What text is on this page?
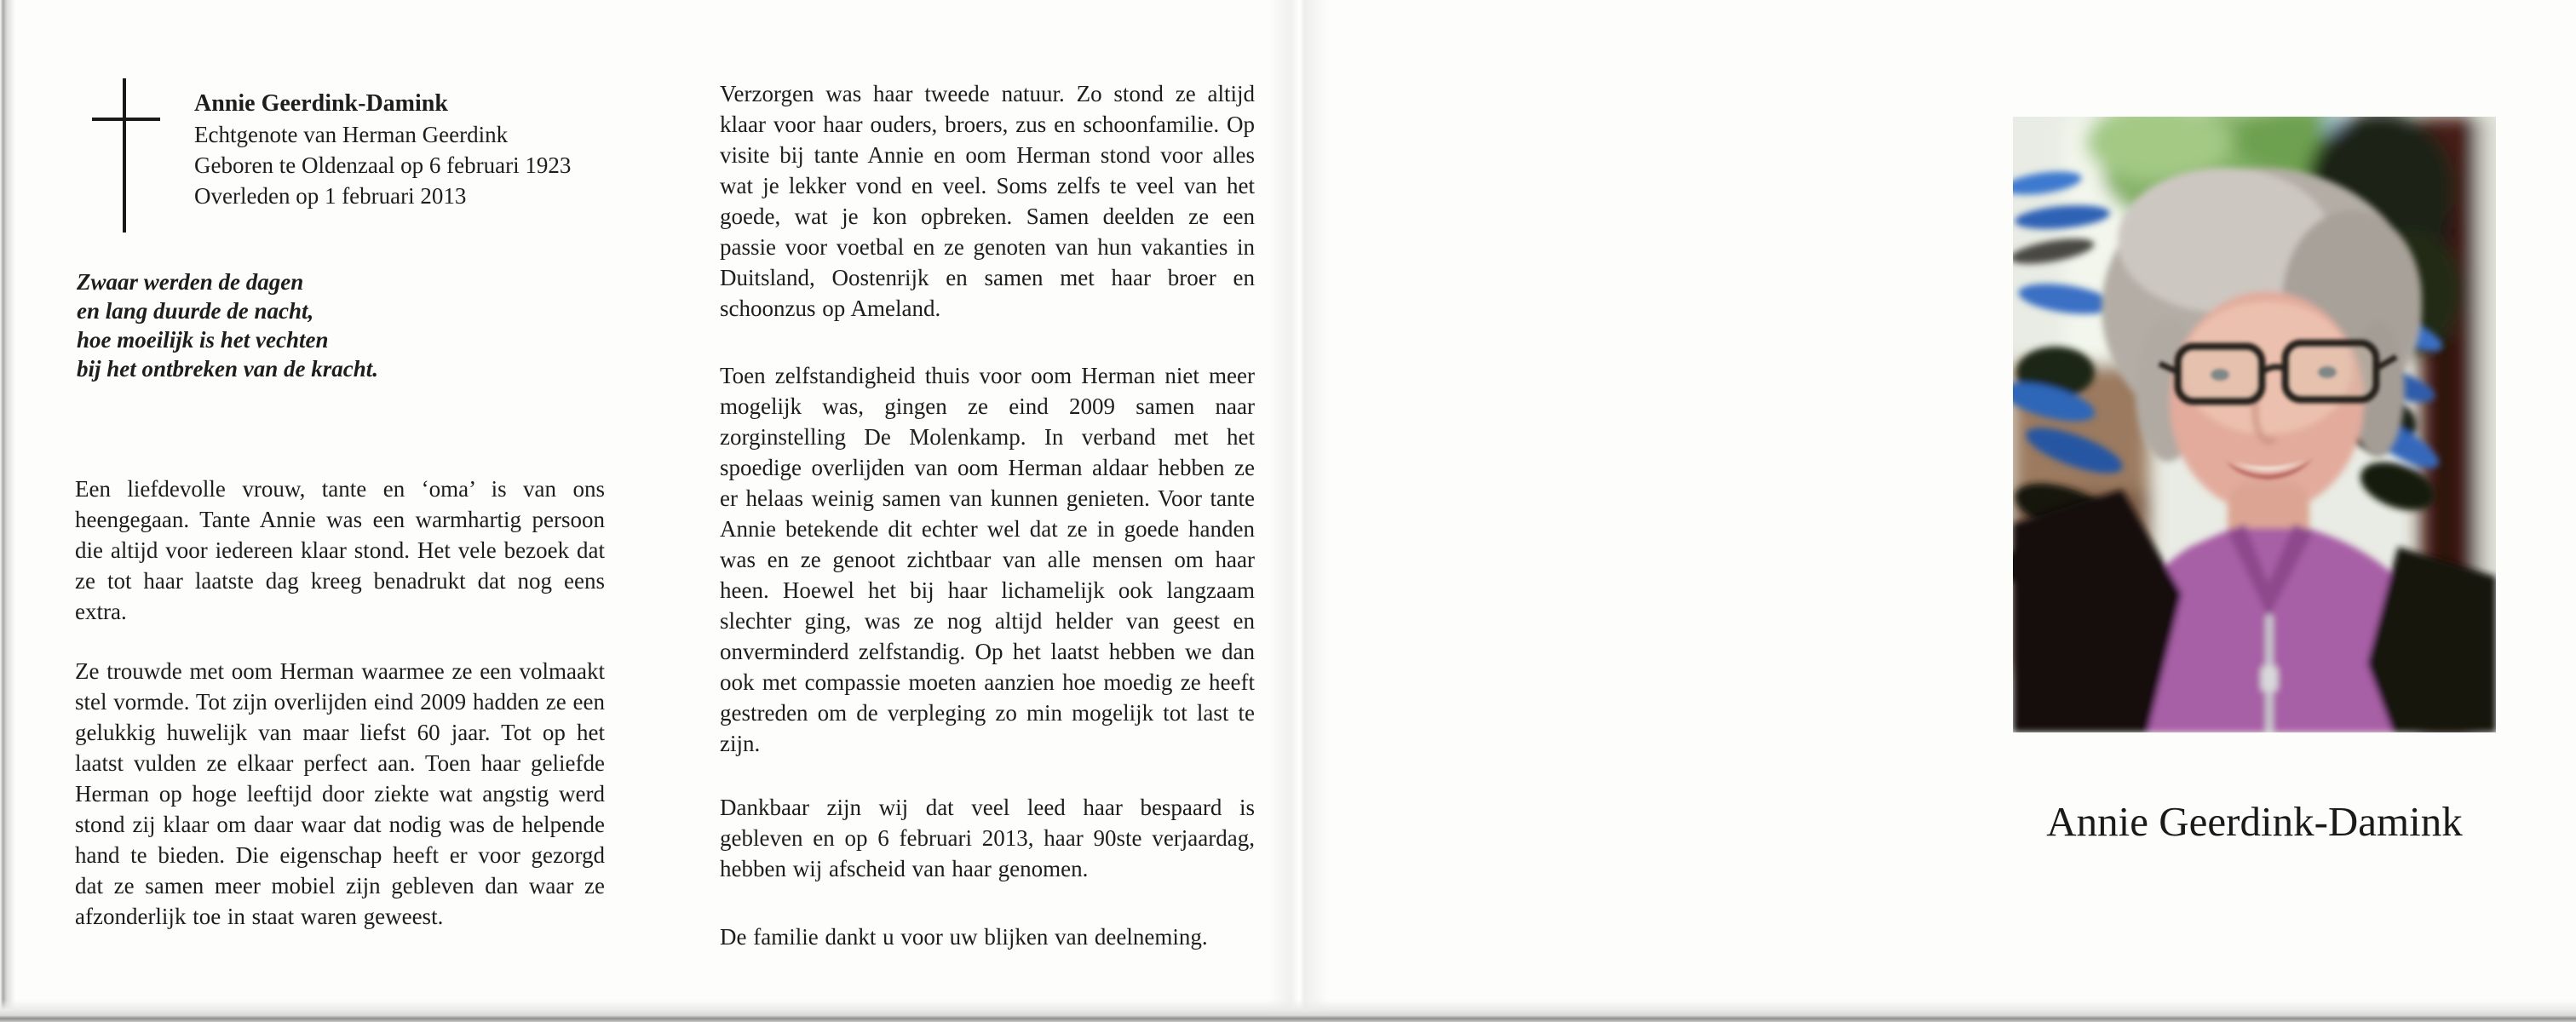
Annie Geerdink-Damink
Echtgenote van Herman Geerdink
Geboren te Oldenzaal op 6 februari 1923
Overleden op 1 februari 2013
Zwaar werden de dagen
en lang duurde de nacht,
hoe moeilijk is het vechten
bij het ontbreken van de kracht.
Een liefdevolle vrouw, tante en ‘oma’ is van ons heengegaan. Tante Annie was een warmhartig persoon die altijd voor iedereen klaar stond. Het vele bezoek dat ze tot haar laatste dag kreeg benadrukt dat nog eens extra.
Ze trouwde met oom Herman waarmee ze een volmaakt stel vormde. Tot zijn overlijden eind 2009 hadden ze een gelukkig huwelijk van maar liefst 60 jaar. Tot op het laatst vulden ze elkaar perfect aan. Toen haar geliefde Herman op hoge leeftijd door ziekte wat angstig werd stond zij klaar om daar waar dat nodig was de helpende hand te bieden. Die eigenschap heeft er voor gezorgd dat ze samen meer mobiel zijn gebleven dan waar ze afzonderlijk toe in staat waren geweest.
Verzorgen was haar tweede natuur. Zo stond ze altijd klaar voor haar ouders, broers, zus en schoonfamilie. Op visite bij tante Annie en oom Herman stond voor alles wat je lekker vond en veel. Soms zelfs te veel van het goede, wat je kon opbreken. Samen deelden ze een passie voor voetbal en ze genoten van hun vakanties in Duitsland, Oostenrijk en samen met haar broer en schoonzus op Ameland.
Toen zelfstandigheid thuis voor oom Herman niet meer mogelijk was, gingen ze eind 2009 samen naar zorginstelling De Molenkamp. In verband met het spoedige overlijden van oom Herman aldaar hebben ze er helaas weinig samen van kunnen genieten. Voor tante Annie betekende dit echter wel dat ze in goede handen was en ze genoot zichtbaar van alle mensen om haar heen. Hoewel het bij haar lichamelijk ook langzaam slechter ging, was ze nog altijd helder van geest en onverminderd zelfstandig. Op het laatst hebben we dan ook met compassie moeten aanzien hoe moedig ze heeft gestreden om de verpleging zo min mogelijk tot last te zijn.
Dankbaar zijn wij dat veel leed haar bespaard is gebleven en op 6 februari 2013, haar 90ste verjaardag, hebben wij afscheid van haar genomen.
De familie dankt u voor uw blijken van deelneming.
Annie Geerdink-Damink
